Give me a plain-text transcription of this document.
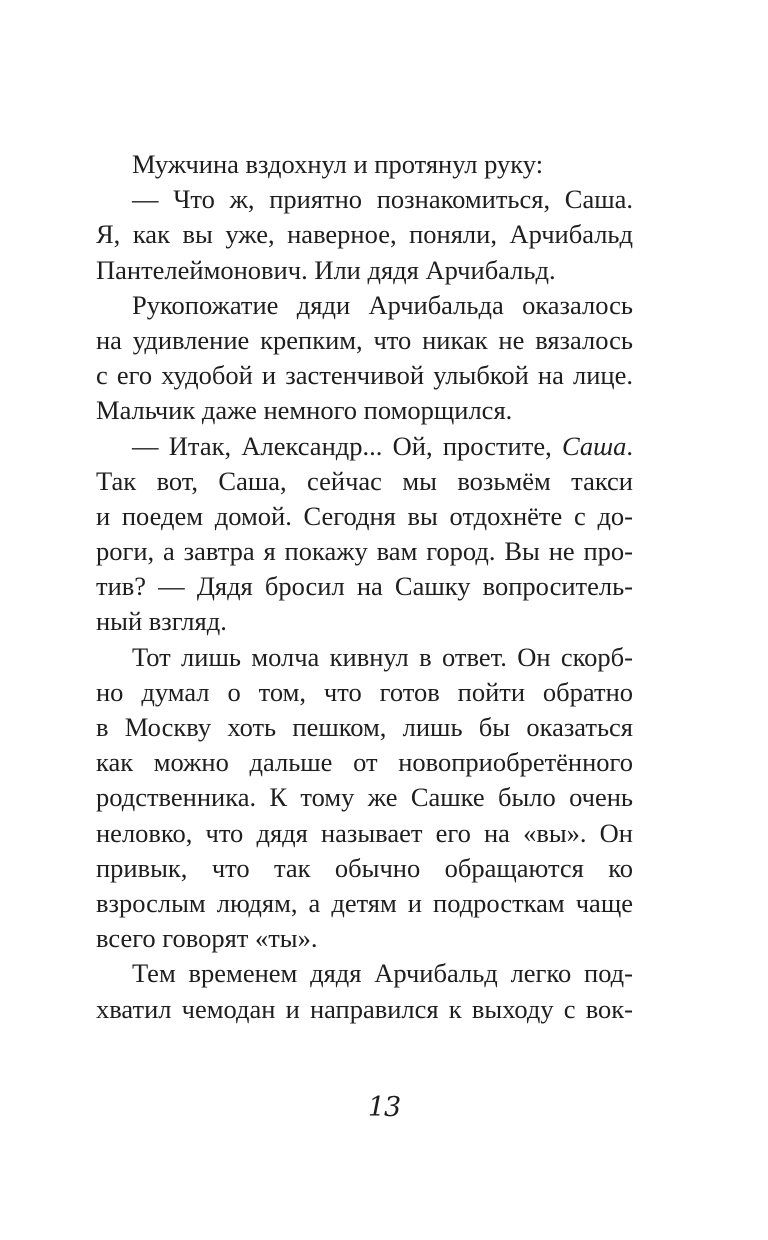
Мужчина вздохнул и протянул руку:
— Что ж, приятно познакомиться, Саша.
Я, как вы уже, наверное, поняли, Арчибальд
Пантелеймонович. Или дядя Арчибальд.
Рукопожатие дяди Арчибальда оказалось
на удивление крепким, что никак не вязалось
с его худобой и застенчивой улыбкой на лице.
Мальчик даже немного поморщился.
— Итак, Александр... Ой, простите, Саша.
Так вот, Саша, сейчас мы возьмём такси
и поедем домой. Сегодня вы отдохнёте с до-
роги, а завтра я покажу вам город. Вы не про-
тив? — Дядя бросил на Сашку вопроситель-
ный взгляд.
Тот лишь молча кивнул в ответ. Он скорб-
но думал о том, что готов пойти обратно
в Москву хоть пешком, лишь бы оказаться
как можно дальше от новоприобретённого
родственника. К тому же Сашке было очень
неловко, что дядя называет его на «вы». Он
привык, что так обычно обращаются ко
взрослым людям, а детям и подросткам чаще
всего говорят «ты».
Тем временем дядя Арчибальд легко под-
хватил чемодан и направился к выходу с вок-
13
